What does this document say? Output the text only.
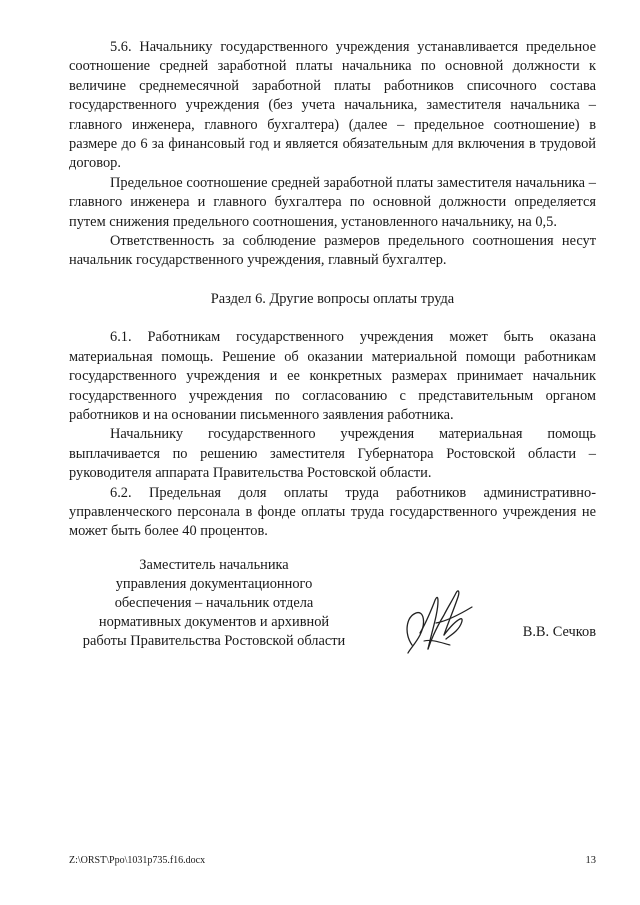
5.6. Начальнику государственного учреждения устанавливается предельное соотношение средней заработной платы начальника по основной должности к величине среднемесячной заработной платы работников списочного состава государственного учреждения (без учета начальника, заместителя начальника – главного инженера, главного бухгалтера) (далее – предельное соотношение) в размере до 6 за финансовый год и является обязательным для включения в трудовой договор.

Предельное соотношение средней заработной платы заместителя начальника – главного инженера и главного бухгалтера по основной должности определяется путем снижения предельного соотношения, установленного начальнику, на 0,5.

Ответственность за соблюдение размеров предельного соотношения несут начальник государственного учреждения, главный бухгалтер.

Раздел 6. Другие вопросы оплаты труда

6.1. Работникам государственного учреждения может быть оказана материальная помощь. Решение об оказании материальной помощи работникам государственного учреждения и ее конкретных размерах принимает начальник государственного учреждения по согласованию с представительным органом работников и на основании письменного заявления работника.

Начальнику государственного учреждения материальная помощь выплачивается по решению заместителя Губернатора Ростовской области – руководителя аппарата Правительства Ростовской области.

6.2. Предельная доля оплаты труда работников административно-управленческого персонала в фонде оплаты труда государственного учреждения не может быть более 40 процентов.

Заместитель начальника
управления документационного
обеспечения – начальник отдела
нормативных документов и архивной
работы Правительства Ростовской области
В.В. Сечков
Z:\ORST\Ppo\1031p735.f16.docx	13
